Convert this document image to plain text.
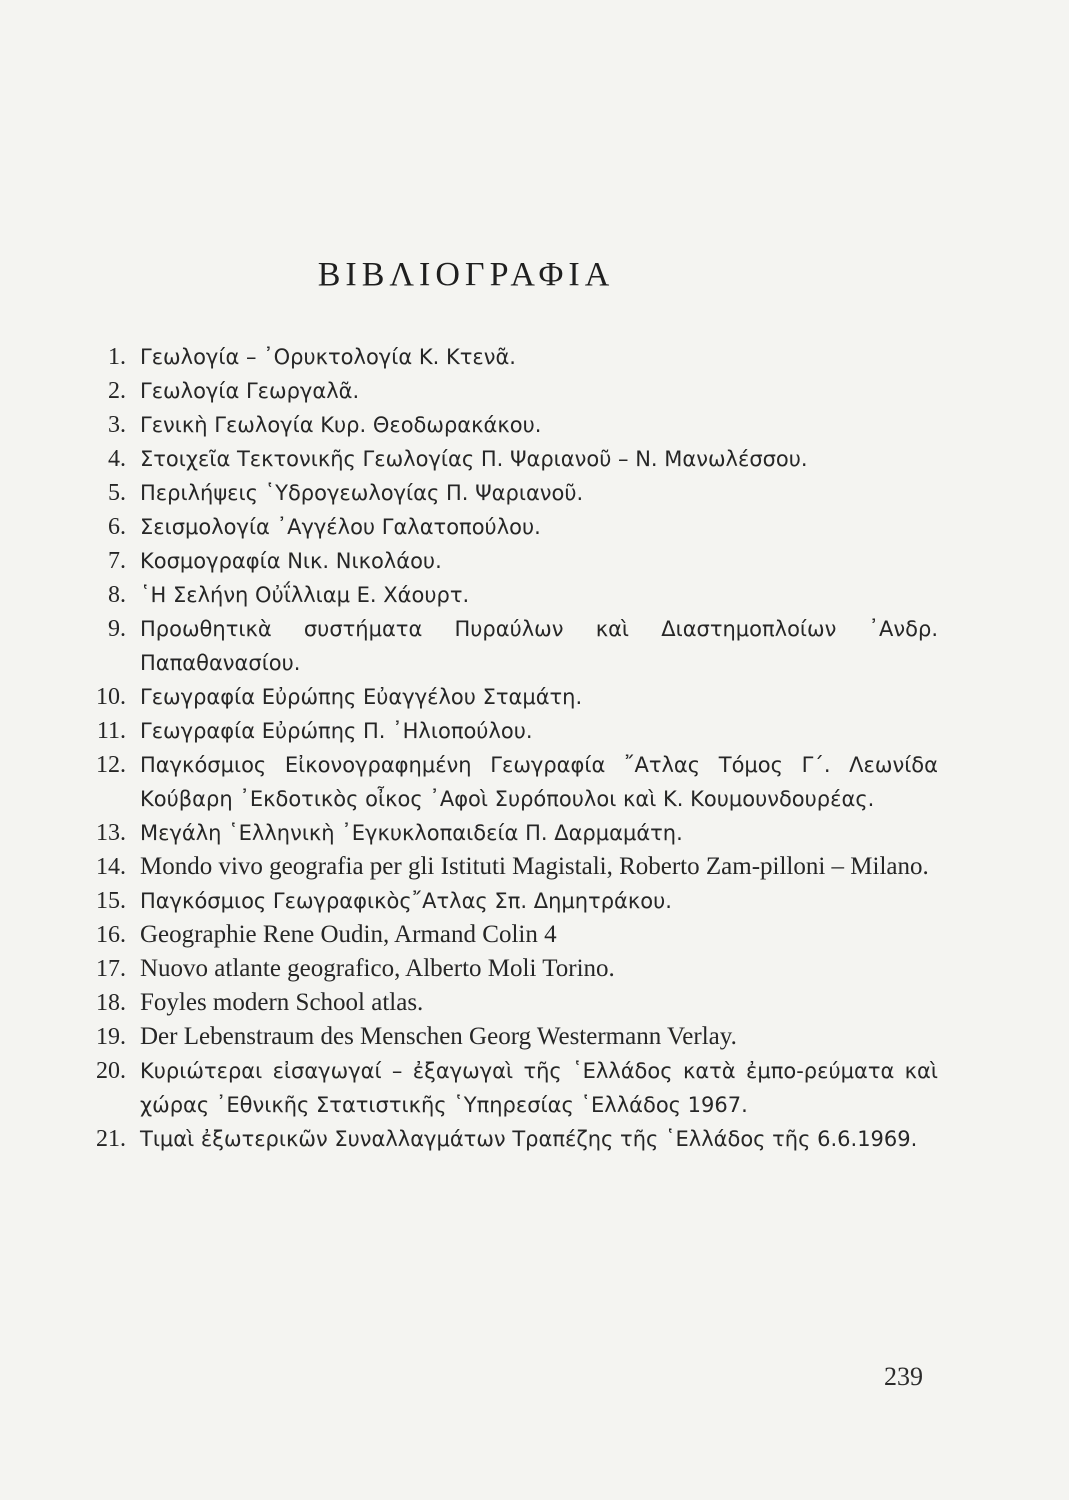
ΒΙΒΛΙΟΓΡΑΦΙΑ
1. Γεωλογία – ᾿Ορυκτολογία Κ. Κτενᾶ.
2. Γεωλογία Γεωργαλᾶ.
3. Γενικὴ Γεωλογία Κυρ. Θεοδωρακάκου.
4. Στοιχεῖα Τεκτονικῆς Γεωλογίας Π. Ψαριανοῦ – Ν. Μανωλέσσου.
5. Περιλήψεις ῾Υδρογεωλογίας Π. Ψαριανοῦ.
6. Σεισμολογία ᾿Αγγέλου Γαλατοπούλου.
7. Κοσμογραφία Νικ. Νικολάου.
8. ῾Η Σελήνη Οὐΐλλιαμ Ε. Χάουρτ.
9. Προωθητικὰ συστήματα Πυραύλων καὶ Διαστημοπλοίων ᾿Ανδρ. Παπαθανασίου.
10. Γεωγραφία Εὐρώπης Εὐαγγέλου Σταμάτη.
11. Γεωγραφία Εὐρώπης Π. ᾿Ηλιοπούλου.
12. Παγκόσμιος Εἰκονογραφημένη Γεωγραφία ῎Ατλας Τόμος Γ΄. Λεωνίδα Κούβαρη ᾿Εκδοτικὸς οἶκος ᾿Αφοὶ Συρόπουλοι καὶ Κ. Κουμουνδουρέας.
13. Μεγάλη ῾Ελληνικὴ ᾿Εγκυκλοπαιδεία Π. Δαρμαμάτη.
14. Mondo vivo geografia per gli Istituti Magistali, Roberto Zam-pilloni – Milano.
15. Παγκόσμιος Γεωγραφικὸς῎Ατλας Σπ. Δημητράκου.
16. Geographie Rene Oudin, Armand Colin 4
17. Nuovo atlante geografico, Alberto Moli Torino.
18. Foyles modern School atlas.
19. Der Lebenstraum des Menschen Georg Westermann Verlay.
20. Κυριώτεραι εἰσαγωγαί – ἐξαγωγαὶ τῆς ῾Ελλάδος κατὰ ἐμπο-ρεύματα καὶ χώρας ᾿Εθνικῆς Στατιστικῆς ῾Υπηρεσίας ῾Ελλάδος 1967.
21. Τιμαὶ ἐξωτερικῶν Συναλλαγμάτων Τραπέζης τῆς ῾Ελλάδος τῆς 6.6.1969.
239
